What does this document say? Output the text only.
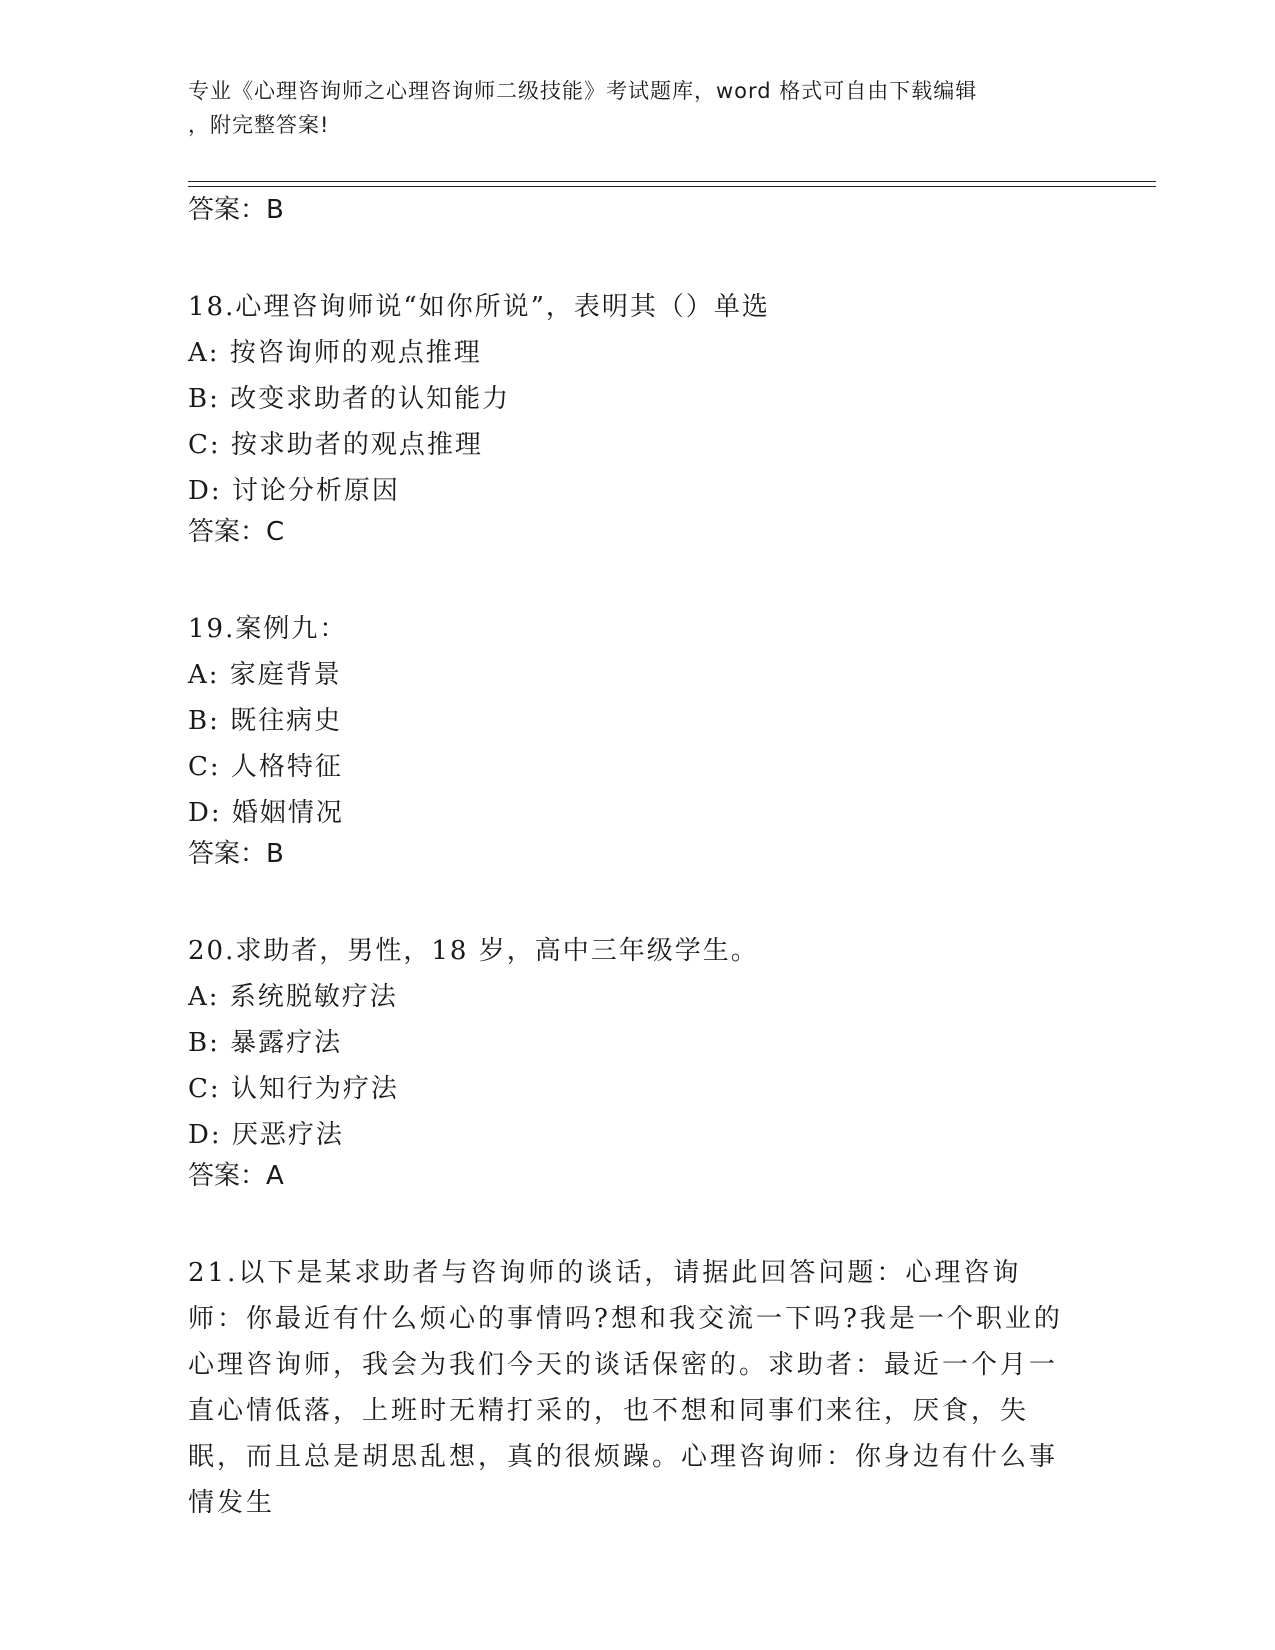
专业《心理咨询师之心理咨询师二级技能》考试题库，word 格式可自由下载编辑
，附完整答案!
答案：B
18.心理咨询师说“如你所说”，表明其（）单选
A: 按咨询师的观点推理
B: 改变求助者的认知能力
C: 按求助者的观点推理
D: 讨论分析原因
答案：C
19.案例九：
A: 家庭背景
B: 既往病史
C: 人格特征
D: 婚姻情况
答案：B
20.求助者，男性，18 岁，高中三年级学生。
A: 系统脱敏疗法
B: 暴露疗法
C: 认知行为疗法
D: 厌恶疗法
答案：A
21.以下是某求助者与咨询师的谈话，请据此回答问题：心理咨询师：你最近有什么烦心的事情吗?想和我交流一下吗?我是一个职业的心理咨询师，我会为我们今天的谈话保密的。求助者：最近一个月一直心情低落，上班时无精打采的，也不想和同事们来往，厌食，失眠，而且总是胡思乱想，真的很烦躁。心理咨询师：你身边有什么事情发生
